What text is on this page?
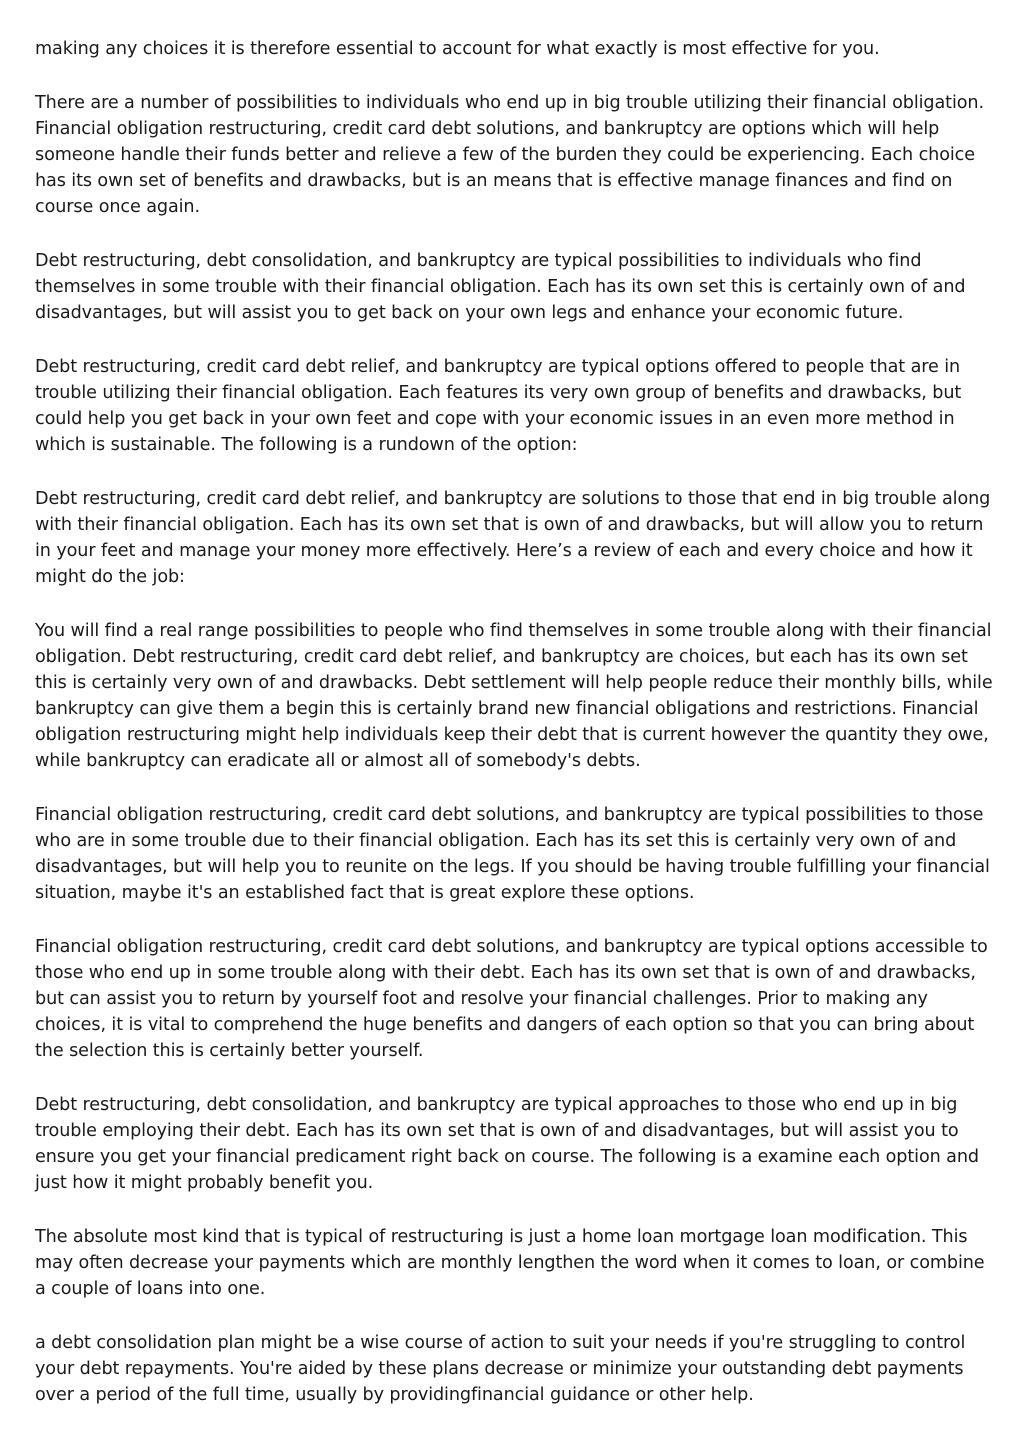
making any choices it is therefore essential to account for what exactly is most effective for you.

There are a number of possibilities to individuals who end up in big trouble utilizing their financial obligation. Financial obligation restructuring, credit card debt solutions, and bankruptcy are options which will help someone handle their funds better and relieve a few of the burden they could be experiencing. Each choice has its own set of benefits and drawbacks, but is an means that is effective manage finances and find on course once again.

Debt restructuring, debt consolidation, and bankruptcy are typical possibilities to individuals who find themselves in some trouble with their financial obligation. Each has its own set this is certainly own of and disadvantages, but will assist you to get back on your own legs and enhance your economic future.

Debt restructuring, credit card debt relief, and bankruptcy are typical options offered to people that are in trouble utilizing their financial obligation. Each features its very own group of benefits and drawbacks, but could help you get back in your own feet and cope with your economic issues in an even more method in which is sustainable. The following is a rundown of the option:

Debt restructuring, credit card debt relief, and bankruptcy are solutions to those that end in big trouble along with their financial obligation. Each has its own set that is own of and drawbacks, but will allow you to return in your feet and manage your money more effectively. Here’s a review of each and every choice and how it might do the job:

You will find a real range possibilities to people who find themselves in some trouble along with their financial obligation. Debt restructuring, credit card debt relief, and bankruptcy are choices, but each has its own set this is certainly very own of and drawbacks. Debt settlement will help people reduce their monthly bills, while bankruptcy can give them a begin this is certainly brand new financial obligations and restrictions. Financial obligation restructuring might help individuals keep their debt that is current however the quantity they owe, while bankruptcy can eradicate all or almost all of somebody's debts.

Financial obligation restructuring, credit card debt solutions, and bankruptcy are typical possibilities to those who are in some trouble due to their financial obligation. Each has its set this is certainly very own of and disadvantages, but will help you to reunite on the legs. If you should be having trouble fulfilling your financial situation, maybe it's an established fact that is great explore these options.

Financial obligation restructuring, credit card debt solutions, and bankruptcy are typical options accessible to those who end up in some trouble along with their debt. Each has its own set that is own of and drawbacks, but can assist you to return by yourself foot and resolve your financial challenges. Prior to making any choices, it is vital to comprehend the huge benefits and dangers of each option so that you can bring about the selection this is certainly better yourself.

Debt restructuring, debt consolidation, and bankruptcy are typical approaches to those who end up in big trouble employing their debt. Each has its own set that is own of and disadvantages, but will assist you to ensure you get your financial predicament right back on course. The following is a examine each option and just how it might probably benefit you.

The absolute most kind that is typical of restructuring is just a home loan mortgage loan modification. This may often decrease your payments which are monthly lengthen the word when it comes to loan, or combine a couple of loans into one.

a debt consolidation plan might be a wise course of action to suit your needs if you're struggling to control your debt repayments. You're aided by these plans decrease or minimize your outstanding debt payments over a period of the full time, usually by providingfinancial guidance or other help.
